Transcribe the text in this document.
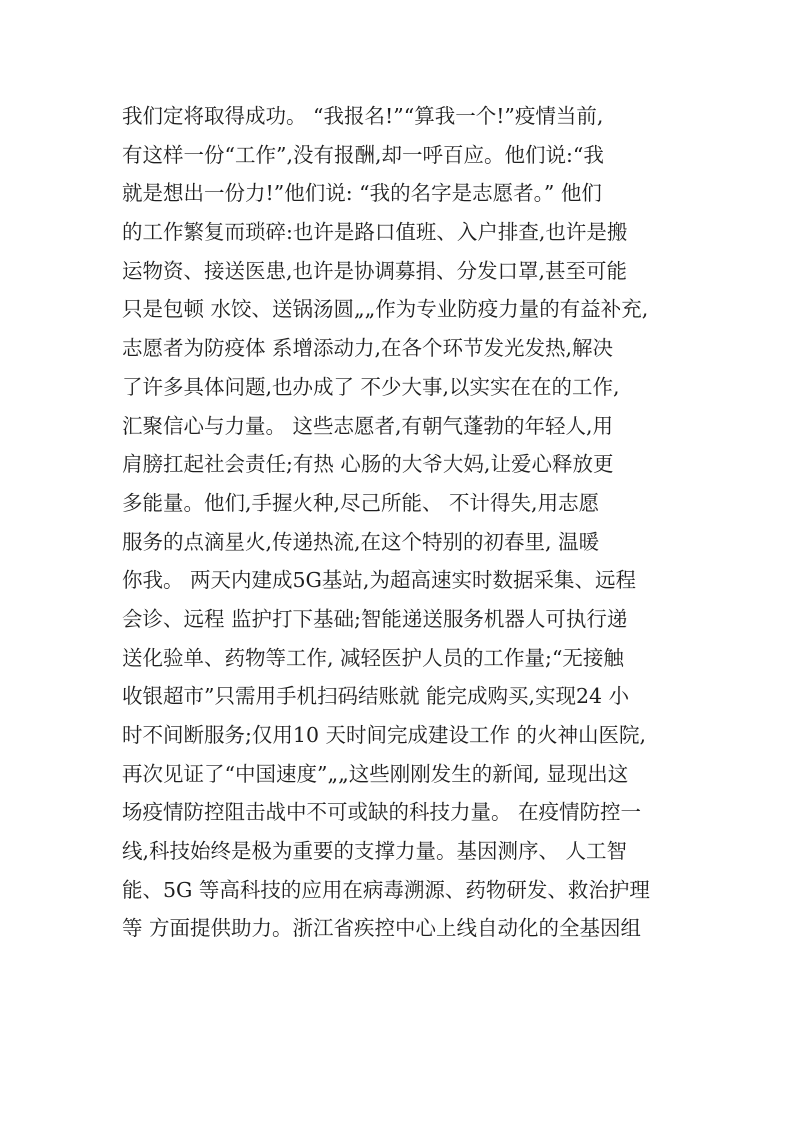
我们定将取得成功。 “我报名!”“算我一个!”疫情当前,
有这样一份“工作”,没有报酬,却一呼百应。他们说:“我
就是想出一份力!”他们说: “我的名字是志愿者。” 他们
的工作繁复而琐碎:也许是路口值班、入户排查,也许是搬
运物资、接送医患,也许是协调募捐、分发口罩,甚至可能
只是包顿 水饺、送锅汤圆„„作为专业防疫力量的有益补充,
志愿者为防疫体 系增添动力,在各个环节发光发热,解决
了许多具体问题,也办成了 不少大事,以实实在在的工作,
汇聚信心与力量。 这些志愿者,有朝气蓬勃的年轻人,用
肩膀扛起社会责任;有热 心肠的大爷大妈,让爱心释放更
多能量。他们,手握火种,尽己所能、 不计得失,用志愿
服务的点滴星火,传递热流,在这个特别的初春里, 温暖
你我。 两天内建成5G基站,为超高速实时数据采集、远程
会诊、远程 监护打下基础;智能递送服务机器人可执行递
送化验单、药物等工作, 减轻医护人员的工作量;“无接触
收银超市”只需用手机扫码结账就 能完成购买,实现24 小
时不间断服务;仅用10 天时间完成建设工作 的火神山医院,
再次见证了“中国速度”„„这些刚刚发生的新闻, 显现出这
场疫情防控阻击战中不可或缺的科技力量。 在疫情防控一
线,科技始终是极为重要的支撑力量。基因测序、 人工智
能、5G 等高科技的应用在病毒溯源、药物研发、救治护理
等 方面提供助力。浙江省疾控中心上线自动化的全基因组
